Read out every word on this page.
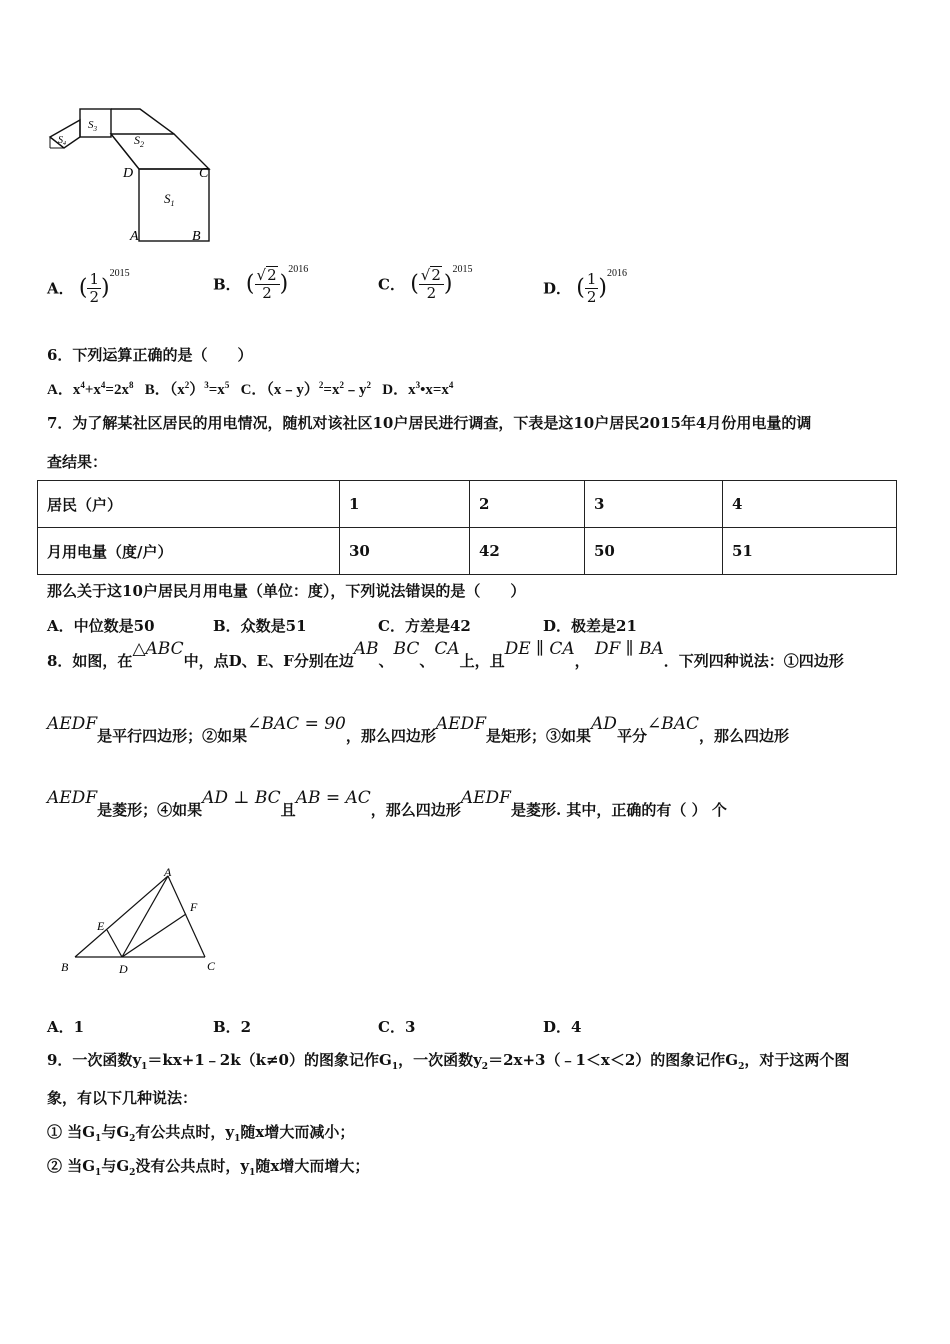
$S_1$
$S_2$
$S_3$
$S_4$
D	C
A	B
A． ( $\frac{1}{2} )^{2015}$
B． ( $\frac{√2}{2} )^{2016}$
C． ( $\frac{√2}{2} )^{2015}$
D． ( $\frac{1}{2} )^{2016}$
6．下列运算正确的是（　　）
A．$x^4+x^4=2x^8$ B．$(x^2)^3=x^5$ C．$(x﹣y)^2=x^2﹣y^2$ D．$x^3•x=x^4$
7．为了解某社区居民的用电情况，随机对该社区10户居民进行调查，下表是这10户居民2015年4月份用电量的调
查结果：
居民（户）	1	2	3	4
月用电量（度/户）	30	42	50	51
那么关于这10户居民月用电量（单位：度），下列说法错误的是（　　）
A．中位数是50	B．众数是51	C．方差是42	D．极差是21
8．如图，在△ABC中，点D、E、F分别在边AB、BC、CA上，且DE ∥ CA， DF ∥ BA．下列四种说法：①四边形
AEDF是平行四边形；②如果∠BAC = 90，那么四边形AEDF是矩形；③如果AD平分∠BAC，那么四边形
AEDF是菱形；④如果AD ⊥ BC且AB = AC，那么四边形AEDF是菱形. 其中，正确的有（ ） 个
A
F
E
B	D	C
A．1	B．2	C．3	D．4
9．一次函数$y_1=kx+1﹣2k(k\ne 0)$的图象记作$G_1$，一次函数$y_2=2x+3(﹣1<x<2)$的图象记作$G_2$，对于这两个图
象，有以下几种说法：
① 当$G_1$与$G_2$有公共点时，$y_1$随x增大而减小；
② 当$G_1$与$G_2$没有公共点时，$y_1$随x增大而增大；
